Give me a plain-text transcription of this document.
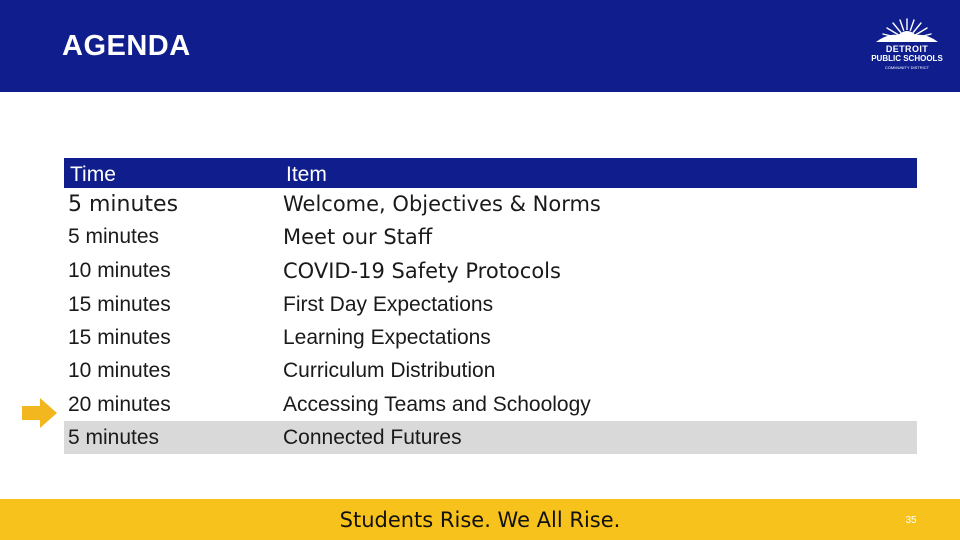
AGENDA	DETROIT
PUBLIC SCHOOLS
COMMUNITY DISTRICT
Time	Item
5 minutes	Welcome, Objectives & Norms
5 minutes	Meet our Staff
10 minutes	COVID-19 Safety Protocols
15 minutes	First Day Expectations
15 minutes	Learning Expectations
10 minutes	Curriculum Distribution
20 minutes	Accessing Teams and Schoology
5 minutes	Connected Futures
Students Rise. We All Rise.	35
